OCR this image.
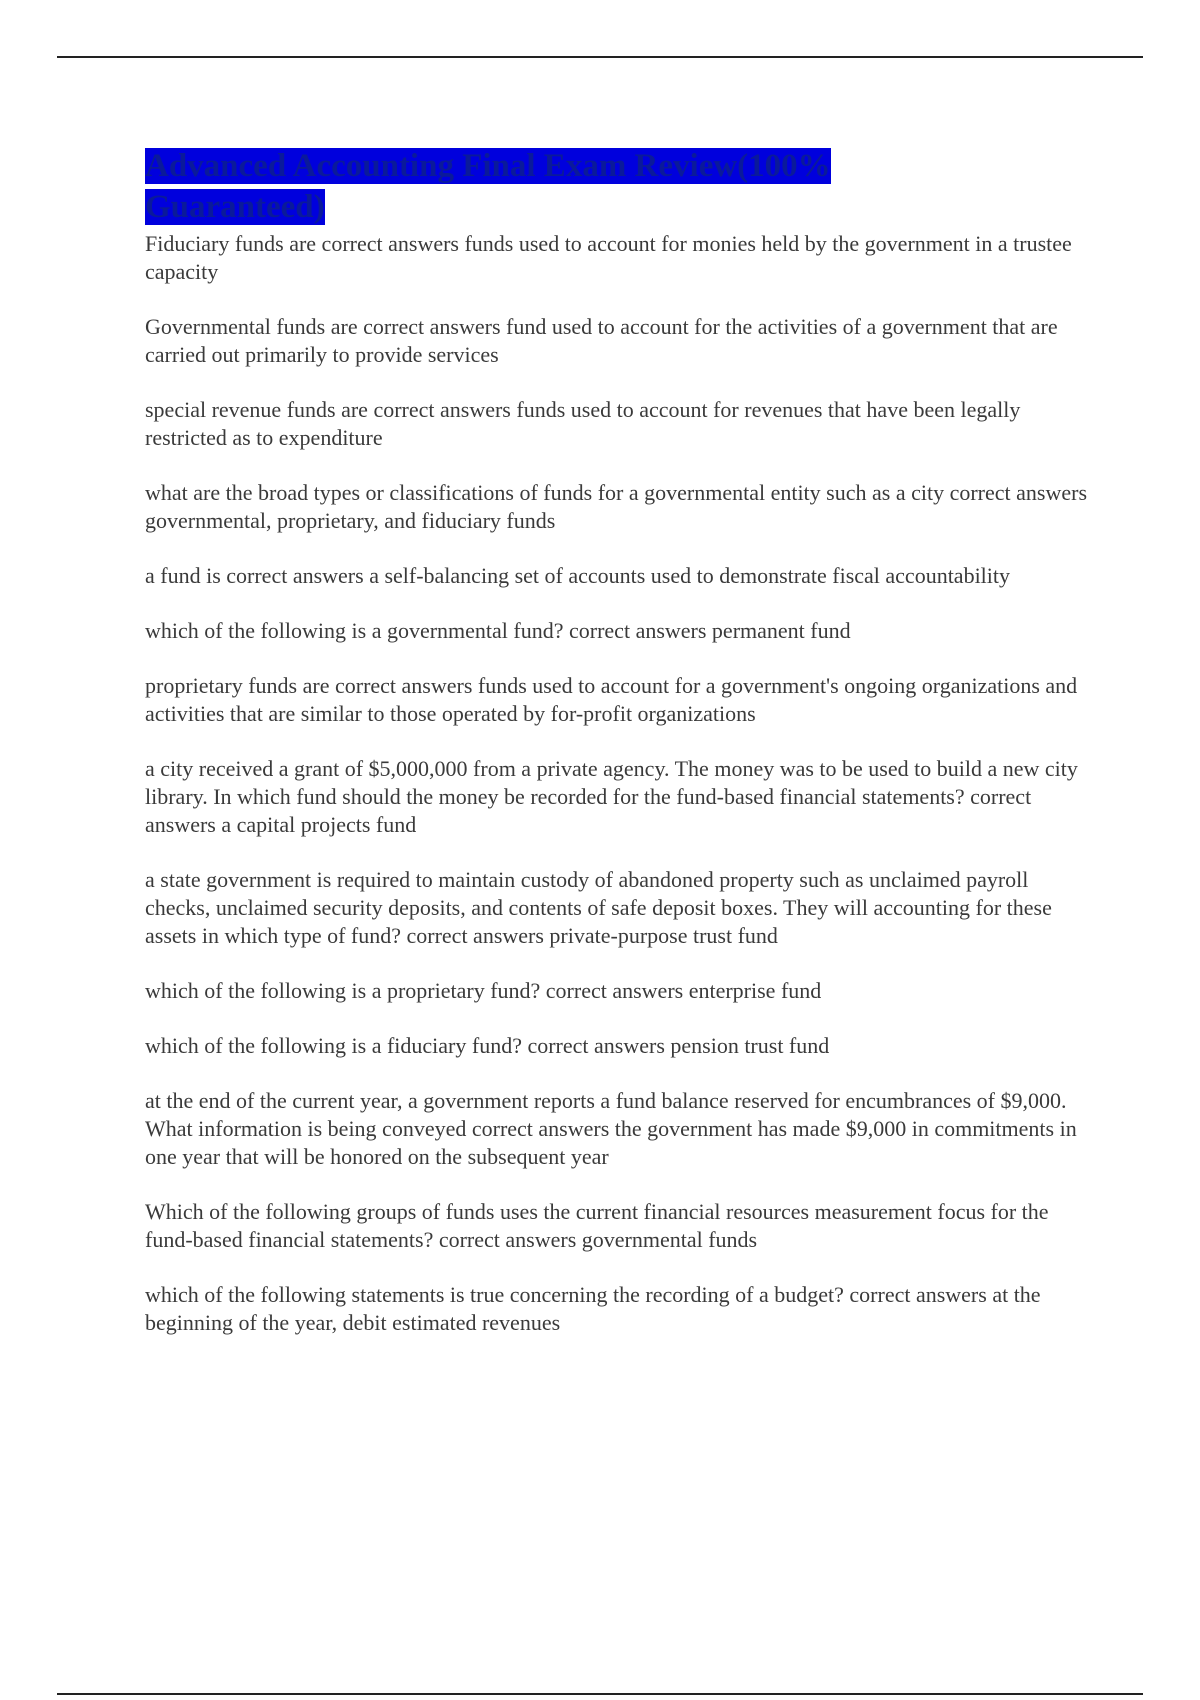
Advanced Accounting Final Exam Review(100% Guaranteed)

Fiduciary funds are correct answers funds used to account for monies held by the government in a trustee capacity

Governmental funds are correct answers fund used to account for the activities of a government that are carried out primarily to provide services

special revenue funds are correct answers funds used to account for revenues that have been legally restricted as to expenditure

what are the broad types or classifications of funds for a governmental entity such as a city correct answers governmental, proprietary, and fiduciary funds

a fund is correct answers a self-balancing set of accounts used to demonstrate fiscal accountability

which of the following is a governmental fund? correct answers permanent fund

proprietary funds are correct answers funds used to account for a government's ongoing organizations and activities that are similar to those operated by for-profit organizations

a city received a grant of $5,000,000 from a private agency. The money was to be used to build a new city library. In which fund should the money be recorded for the fund-based financial statements? correct answers a capital projects fund

a state government is required to maintain custody of abandoned property such as unclaimed payroll checks, unclaimed security deposits, and contents of safe deposit boxes. They will accounting for these assets in which type of fund? correct answers private-purpose trust fund

which of the following is a proprietary fund? correct answers enterprise fund

which of the following is a fiduciary fund? correct answers pension trust fund

at the end of the current year, a government reports a fund balance reserved for encumbrances of $9,000. What information is being conveyed correct answers the government has made $9,000 in commitments in one year that will be honored on the subsequent year

Which of the following groups of funds uses the current financial resources measurement focus for the fund-based financial statements? correct answers governmental funds

which of the following statements is true concerning the recording of a budget? correct answers at the beginning of the year, debit estimated revenues
